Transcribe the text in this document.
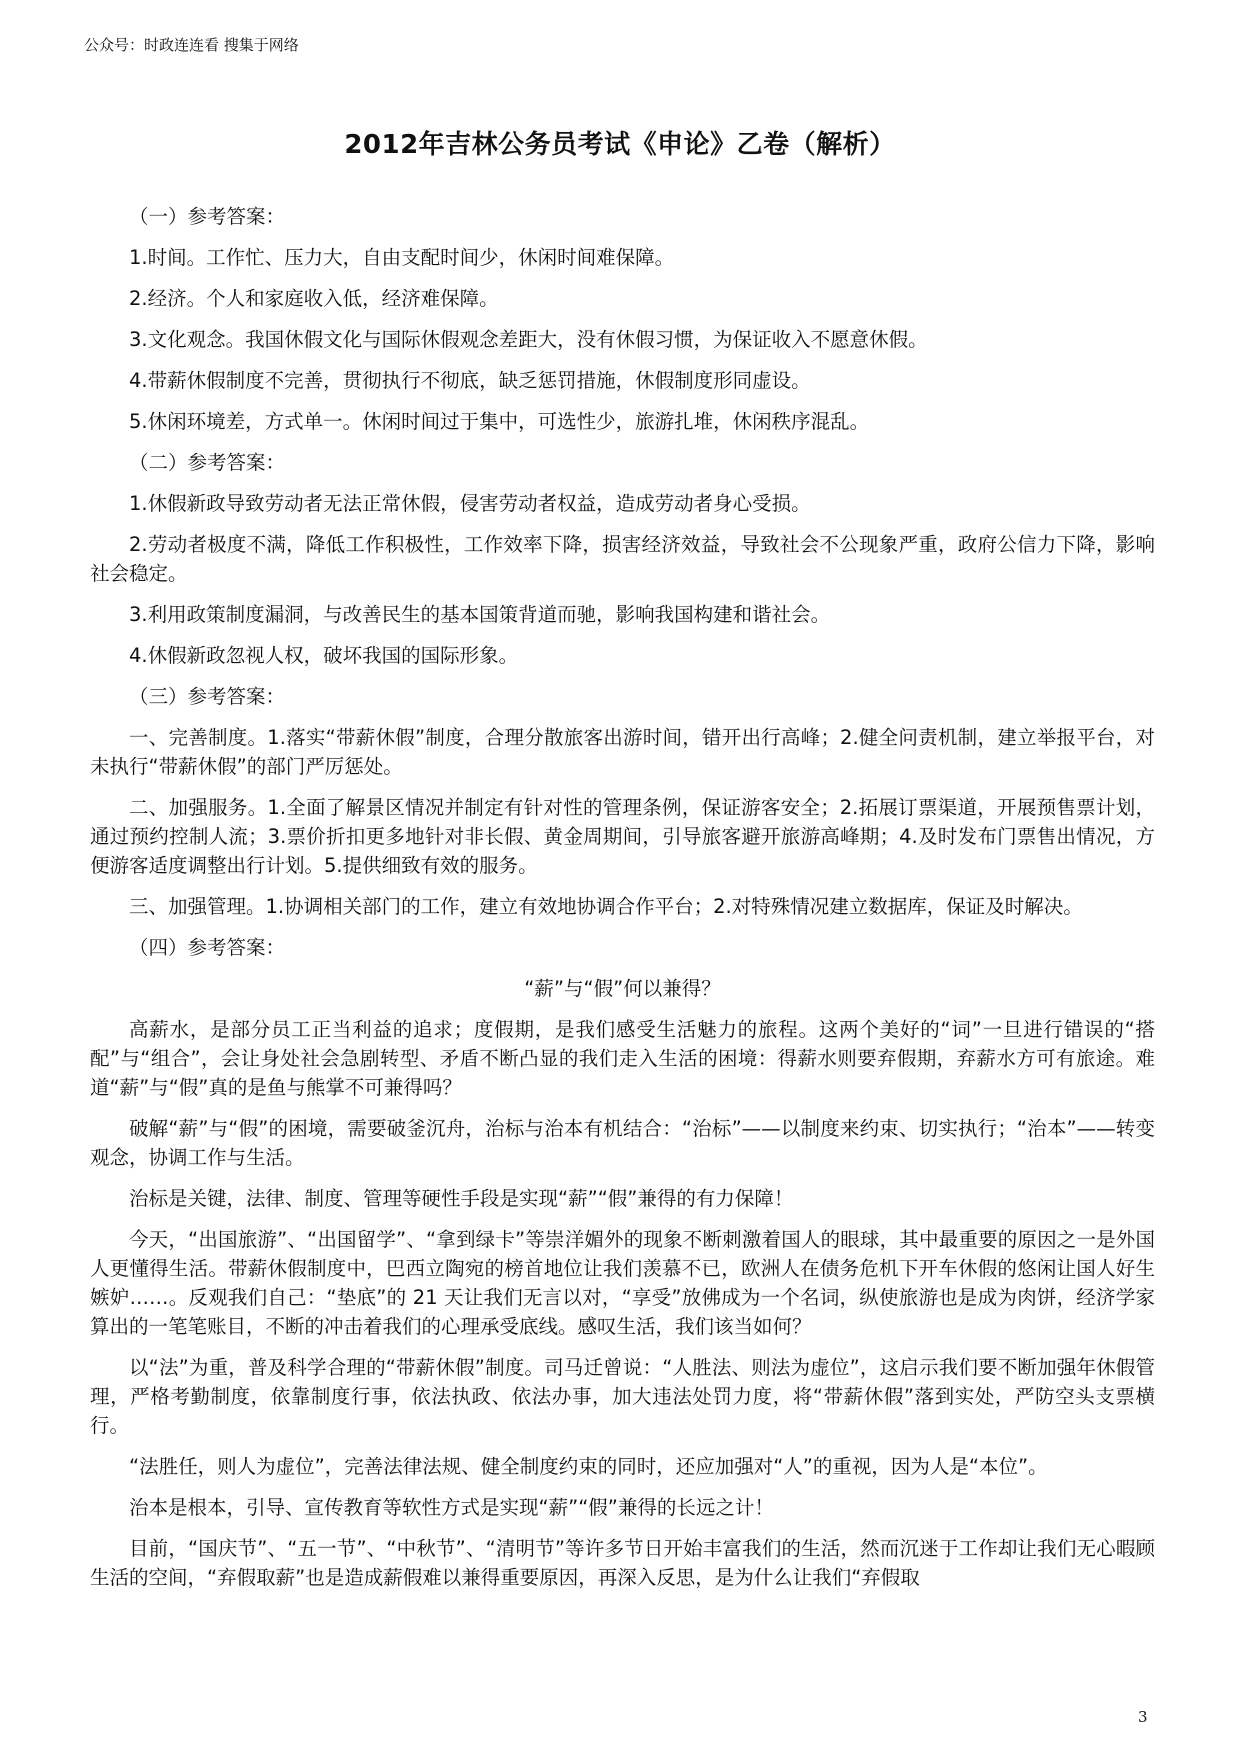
公众号：时政连连看 搜集于网络
2012年吉林公务员考试《申论》乙卷（解析）

（一）参考答案：

1.时间。工作忙、压力大，自由支配时间少，休闲时间难保障。

2.经济。个人和家庭收入低，经济难保障。

3.文化观念。我国休假文化与国际休假观念差距大，没有休假习惯，为保证收入不愿意休假。

4.带薪休假制度不完善，贯彻执行不彻底，缺乏惩罚措施，休假制度形同虚设。

5.休闲环境差，方式单一。休闲时间过于集中，可选性少，旅游扎堆，休闲秩序混乱。

（二）参考答案：

1.休假新政导致劳动者无法正常休假，侵害劳动者权益，造成劳动者身心受损。

2.劳动者极度不满，降低工作积极性，工作效率下降，损害经济效益，导致社会不公现象严重，政府公信力下降，影响社会稳定。

3.利用政策制度漏洞，与改善民生的基本国策背道而驰，影响我国构建和谐社会。

4.休假新政忽视人权，破坏我国的国际形象。

（三）参考答案：

一、完善制度。1.落实“带薪休假”制度，合理分散旅客出游时间，错开出行高峰；2.健全问责机制，建立举报平台，对未执行“带薪休假”的部门严厉惩处。

二、加强服务。1.全面了解景区情况并制定有针对性的管理条例，保证游客安全；2.拓展订票渠道，开展预售票计划，通过预约控制人流；3.票价折扣更多地针对非长假、黄金周期间，引导旅客避开旅游高峰期；4.及时发布门票售出情况，方便游客适度调整出行计划。5.提供细致有效的服务。

三、加强管理。1.协调相关部门的工作，建立有效地协调合作平台；2.对特殊情况建立数据库，保证及时解决。

（四）参考答案：

“薪”与“假”何以兼得？

高薪水，是部分员工正当利益的追求；度假期，是我们感受生活魅力的旅程。这两个美好的“词”一旦进行错误的“搭配”与“组合”，会让身处社会急剧转型、矛盾不断凸显的我们走入生活的困境：得薪水则要弃假期，弃薪水方可有旅途。难道“薪”与“假”真的是鱼与熊掌不可兼得吗？

破解“薪”与“假”的困境，需要破釜沉舟，治标与治本有机结合：“治标”——以制度来约束、切实执行；“治本”——转变观念，协调工作与生活。

治标是关键，法律、制度、管理等硬性手段是实现“薪”“假”兼得的有力保障！

今天，“出国旅游”、“出国留学”、“拿到绿卡”等崇洋媚外的现象不断刺激着国人的眼球，其中最重要的原因之一是外国人更懂得生活。带薪休假制度中，巴西立陶宛的榜首地位让我们羡慕不已，欧洲人在债务危机下开车休假的悠闲让国人好生嫉妒……。反观我们自己：“垫底”的 21 天让我们无言以对，“享受”放佛成为一个名词，纵使旅游也是成为肉饼，经济学家算出的一笔笔账目，不断的冲击着我们的心理承受底线。感叹生活，我们该当如何？

以“法”为重，普及科学合理的“带薪休假”制度。司马迁曾说：“人胜法、则法为虚位”，这启示我们要不断加强年休假管理，严格考勤制度，依靠制度行事，依法执政、依法办事，加大违法处罚力度，将“带薪休假”落到实处，严防空头支票横行。

“法胜任，则人为虚位”，完善法律法规、健全制度约束的同时，还应加强对“人”的重视，因为人是“本位”。

治本是根本，引导、宣传教育等软性方式是实现“薪”“假”兼得的长远之计！

目前，“国庆节”、“五一节”、“中秋节”、“清明节”等许多节日开始丰富我们的生活，然而沉迷于工作却让我们无心暇顾生活的空间，“弃假取薪”也是造成薪假难以兼得重要原因，再深入反思，是为什么让我们“弃假取

3
